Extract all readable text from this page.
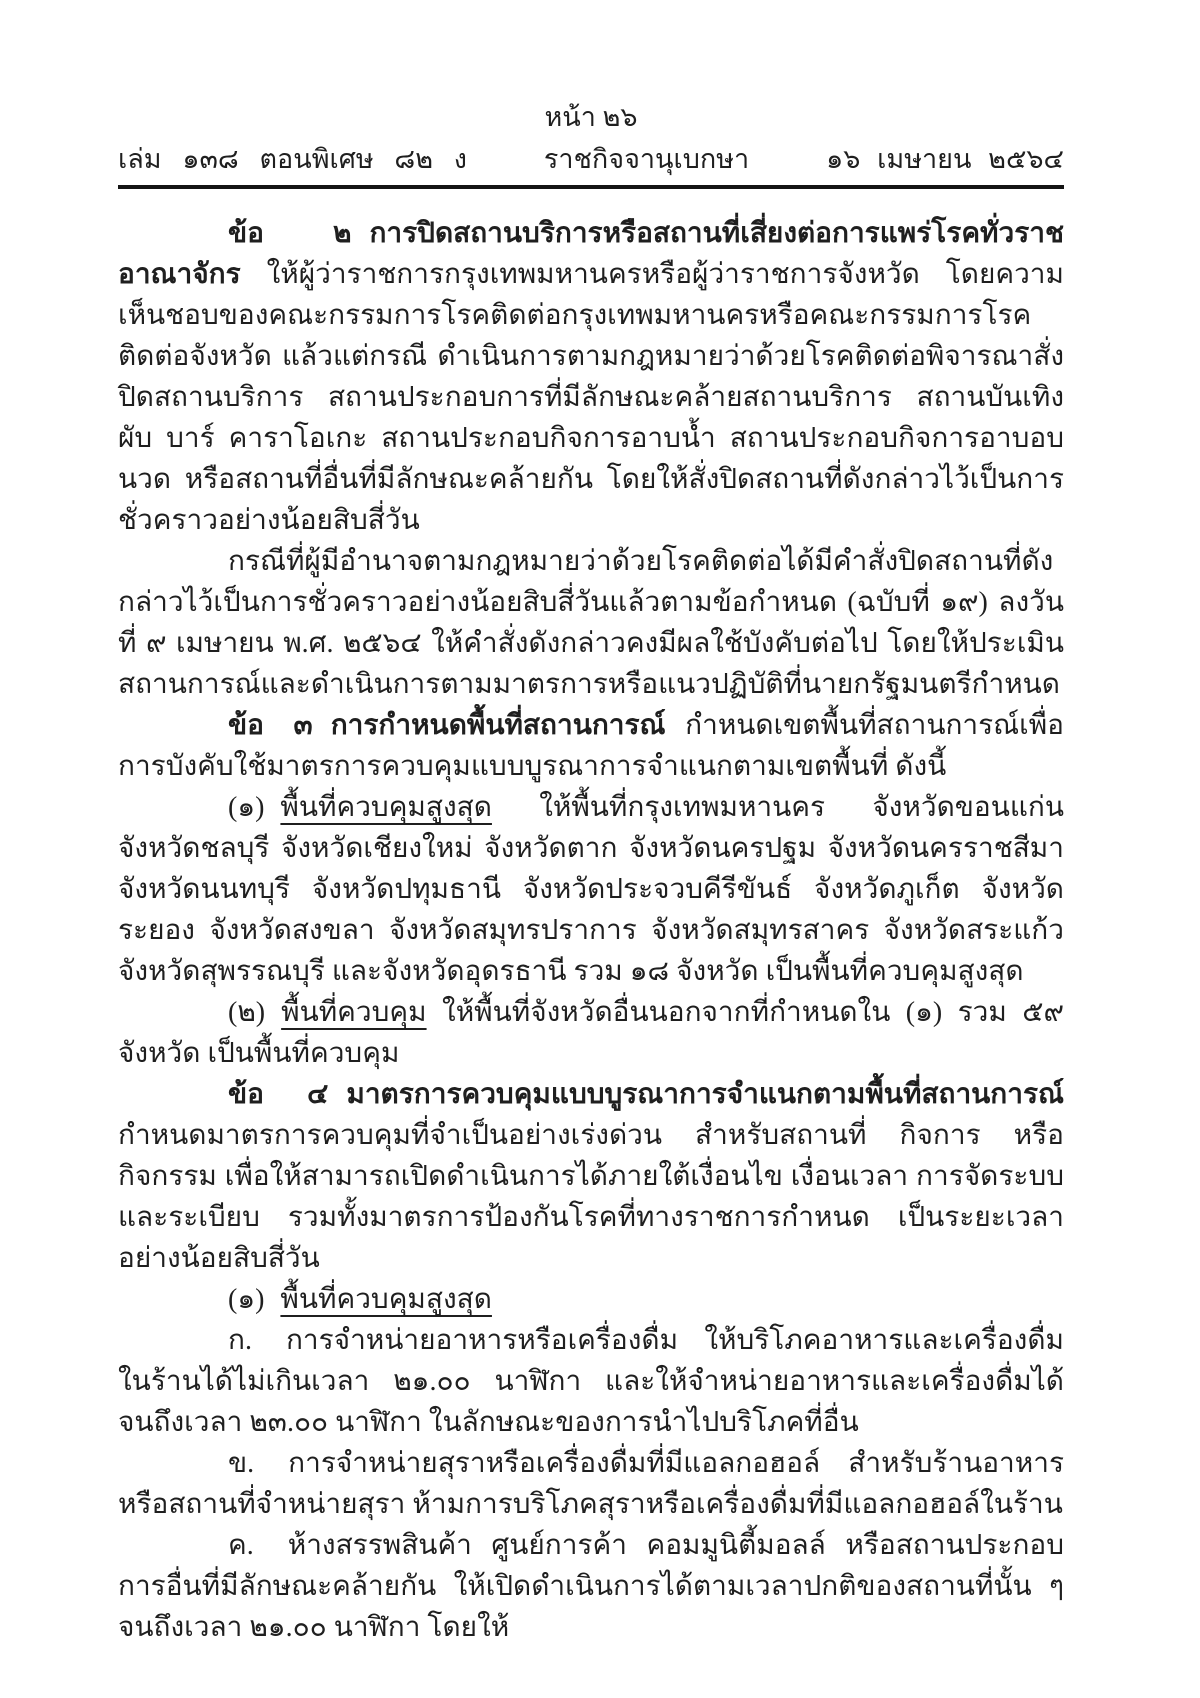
หน้า ๒๖
เล่ม ๑๓๘ ตอนพิเศษ ๘๒ ง	ราชกิจจานุเบกษา	๑๖ เมษายน ๒๕๖๔

ข้อ ๒ การปิดสถานบริการหรือสถานที่เสี่ยงต่อการแพร่โรคทั่วราชอาณาจักร ให้ผู้ว่าราชการกรุงเทพมหานครหรือผู้ว่าราชการจังหวัด โดยความเห็นชอบของคณะกรรมการโรคติดต่อกรุงเทพมหานครหรือคณะกรรมการโรคติดต่อจังหวัด แล้วแต่กรณี ดำเนินการตามกฎหมายว่าด้วยโรคติดต่อพิจารณาสั่งปิดสถานบริการ สถานประกอบการที่มีลักษณะคล้ายสถานบริการ สถานบันเทิง ผับ บาร์ คาราโอเกะ สถานประกอบกิจการอาบน้ำ สถานประกอบกิจการอาบอบนวด หรือสถานที่อื่นที่มีลักษณะคล้ายกัน โดยให้สั่งปิดสถานที่ดังกล่าวไว้เป็นการชั่วคราวอย่างน้อยสิบสี่วัน

กรณีที่ผู้มีอำนาจตามกฎหมายว่าด้วยโรคติดต่อได้มีคำสั่งปิดสถานที่ดังกล่าวไว้เป็นการชั่วคราวอย่างน้อยสิบสี่วันแล้วตามข้อกำหนด (ฉบับที่ ๑๙) ลงวันที่ ๙ เมษายน พ.ศ. ๒๕๖๔ ให้คำสั่งดังกล่าวคงมีผลใช้บังคับต่อไป โดยให้ประเมินสถานการณ์และดำเนินการตามมาตรการหรือแนวปฏิบัติที่นายกรัฐมนตรีกำหนด

ข้อ ๓ การกำหนดพื้นที่สถานการณ์ กำหนดเขตพื้นที่สถานการณ์เพื่อการบังคับใช้มาตรการควบคุมแบบบูรณาการจำแนกตามเขตพื้นที่ ดังนี้

(๑) พื้นที่ควบคุมสูงสุด ให้พื้นที่กรุงเทพมหานคร จังหวัดขอนแก่น จังหวัดชลบุรี จังหวัดเชียงใหม่ จังหวัดตาก จังหวัดนครปฐม จังหวัดนครราชสีมา จังหวัดนนทบุรี จังหวัดปทุมธานี จังหวัดประจวบคีรีขันธ์ จังหวัดภูเก็ต จังหวัดระยอง จังหวัดสงขลา จังหวัดสมุทรปราการ จังหวัดสมุทรสาคร จังหวัดสระแก้ว จังหวัดสุพรรณบุรี และจังหวัดอุดรธานี รวม ๑๘ จังหวัด เป็นพื้นที่ควบคุมสูงสุด

(๒) พื้นที่ควบคุม ให้พื้นที่จังหวัดอื่นนอกจากที่กำหนดใน (๑) รวม ๕๙ จังหวัด เป็นพื้นที่ควบคุม

ข้อ ๔ มาตรการควบคุมแบบบูรณาการจำแนกตามพื้นที่สถานการณ์ กำหนดมาตรการควบคุมที่จำเป็นอย่างเร่งด่วน สำหรับสถานที่ กิจการ หรือกิจกรรม เพื่อให้สามารถเปิดดำเนินการได้ภายใต้เงื่อนไข เงื่อนเวลา การจัดระบบและระเบียบ รวมทั้งมาตรการป้องกันโรคที่ทางราชการกำหนด เป็นระยะเวลาอย่างน้อยสิบสี่วัน

(๑) พื้นที่ควบคุมสูงสุด

ก. การจำหน่ายอาหารหรือเครื่องดื่ม ให้บริโภคอาหารและเครื่องดื่มในร้านได้ไม่เกินเวลา ๒๑.๐๐ นาฬิกา และให้จำหน่ายอาหารและเครื่องดื่มได้จนถึงเวลา ๒๓.๐๐ นาฬิกา ในลักษณะของการนำไปบริโภคที่อื่น

ข. การจำหน่ายสุราหรือเครื่องดื่มที่มีแอลกอฮอล์ สำหรับร้านอาหารหรือสถานที่จำหน่ายสุรา ห้ามการบริโภคสุราหรือเครื่องดื่มที่มีแอลกอฮอล์ในร้าน

ค. ห้างสรรพสินค้า ศูนย์การค้า คอมมูนิตี้มอลล์ หรือสถานประกอบการอื่นที่มีลักษณะคล้ายกัน ให้เปิดดำเนินการได้ตามเวลาปกติของสถานที่นั้น ๆ จนถึงเวลา ๒๑.๐๐ นาฬิกา โดยให้
